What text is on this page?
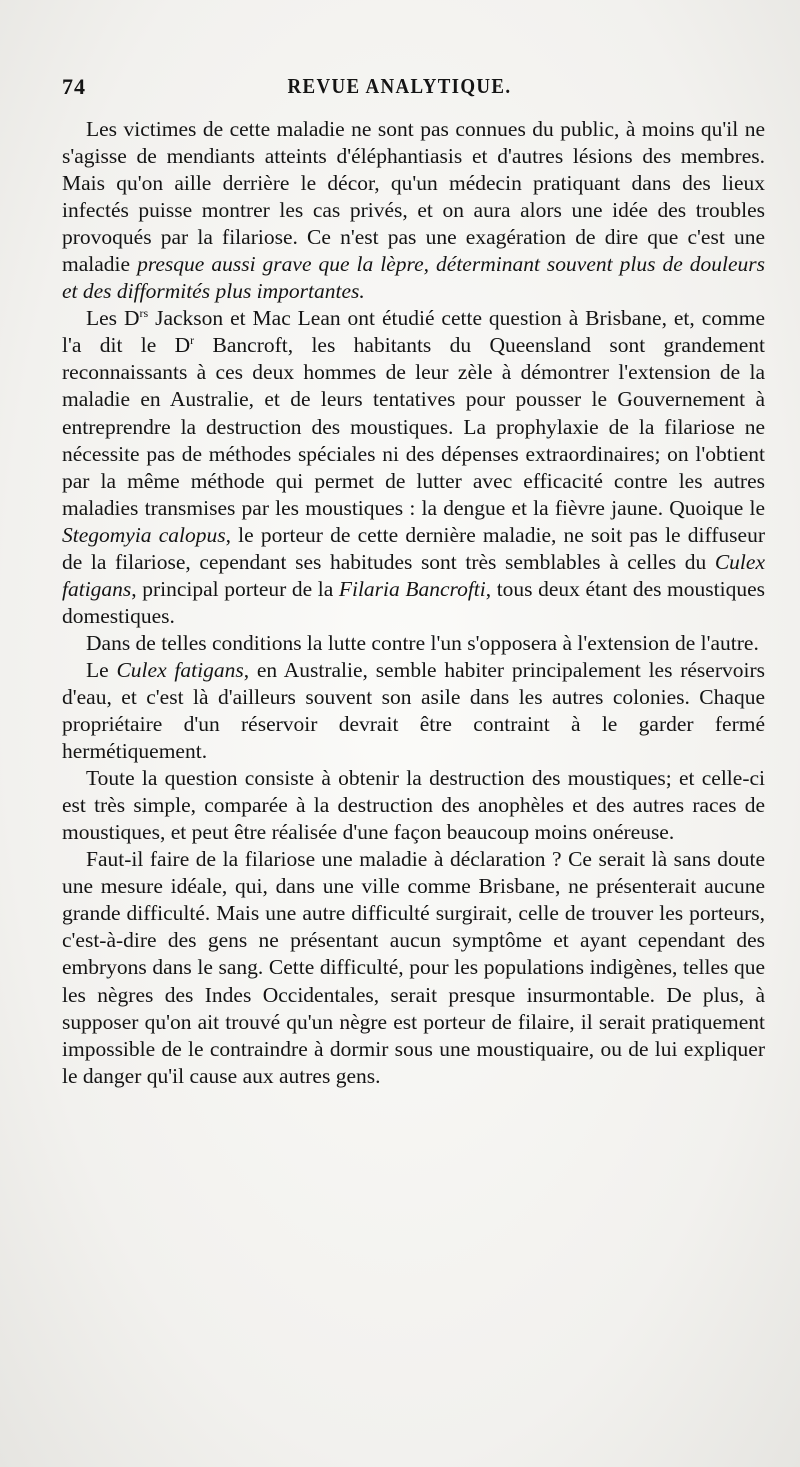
74	REVUE ANALYTIQUE.

Les victimes de cette maladie ne sont pas connues du public, à moins qu'il ne s'agisse de mendiants atteints d'éléphantiasis et d'autres lésions des membres. Mais qu'on aille derrière le décor, qu'un médecin pratiquant dans des lieux infectés puisse montrer les cas privés, et on aura alors une idée des troubles provoqués par la filariose. Ce n'est pas une exagération de dire que c'est une maladie presque aussi grave que la lèpre, déterminant souvent plus de douleurs et des difformités plus importantes.

Les $D^{rs}$ Jackson et Mac Lean ont étudié cette question à Brisbane, et, comme l'a dit le $D^r$ Bancroft, les habitants du Queensland sont grandement reconnaissants à ces deux hommes de leur zèle à démontrer l'extension de la maladie en Australie, et de leurs tentatives pour pousser le Gouvernement à entreprendre la destruction des moustiques. La prophylaxie de la filariose ne nécessite pas de méthodes spéciales ni des dépenses extraordinaires; on l'obtient par la même méthode qui permet de lutter avec efficacité contre les autres maladies transmises par les moustiques : la dengue et la fièvre jaune. Quoique le Stegomyia calopus, le porteur de cette dernière maladie, ne soit pas le diffuseur de la filariose, cependant ses habitudes sont très semblables à celles du Culex fatigans, principal porteur de la Filaria Bancrofti, tous deux étant des moustiques domestiques.

Dans de telles conditions la lutte contre l'un s'opposera à l'extension de l'autre.

Le Culex fatigans, en Australie, semble habiter principalement les réservoirs d'eau, et c'est là d'ailleurs souvent son asile dans les autres colonies. Chaque propriétaire d'un réservoir devrait être contraint à le garder fermé hermétiquement.

Toute la question consiste à obtenir la destruction des moustiques; et celle-ci est très simple, comparée à la destruction des anophèles et des autres races de moustiques, et peut être réalisée d'une façon beaucoup moins onéreuse.

Faut-il faire de la filariose une maladie à déclaration ? Ce serait là sans doute une mesure idéale, qui, dans une ville comme Brisbane, ne présenterait aucune grande difficulté. Mais une autre difficulté surgirait, celle de trouver les porteurs, c'est-à-dire des gens ne présentant aucun symptôme et ayant cependant des embryons dans le sang. Cette difficulté, pour les populations indigènes, telles que les nègres des Indes Occidentales, serait presque insurmontable. De plus, à supposer qu'on ait trouvé qu'un nègre est porteur de filaire, il serait pratiquement impossible de le contraindre à dormir sous une moustiquaire, ou de lui expliquer le danger qu'il cause aux autres gens.
